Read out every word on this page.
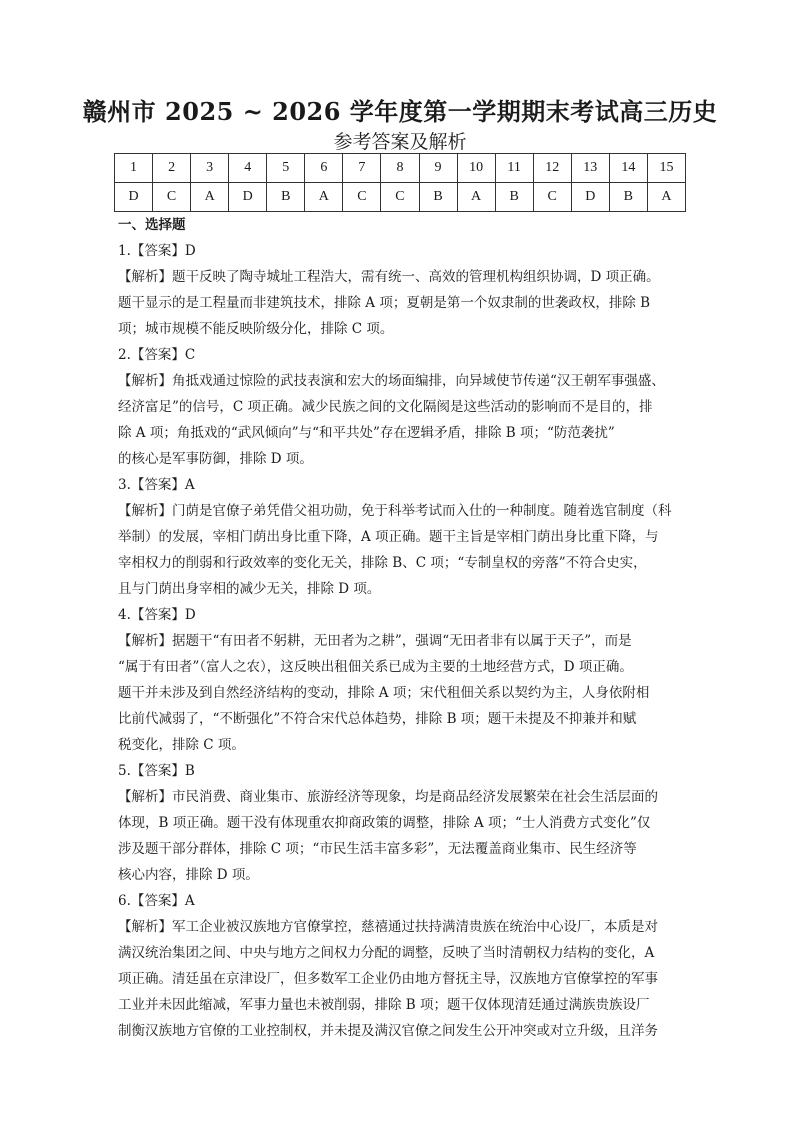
赣州市 2025 ~ 2026 学年度第一学期期末考试高三历史
参考答案及解析
1	2	3	4	5	6	7	8	9	10	11	12	13	14	15
D	C	A	D	B	A	C	C	B	A	B	C	D	B	A
一、选择题
1.【答案】D
【解析】题干反映了陶寺城址工程浩大，需有统一、高效的管理机构组织协调，D 项正确。
题干显示的是工程量而非建筑技术，排除 A 项；夏朝是第一个奴隶制的世袭政权，排除 B
项；城市规模不能反映阶级分化，排除 C 项。
2.【答案】C
【解析】角抵戏通过惊险的武技表演和宏大的场面编排，向异域使节传递“汉王朝军事强盛、
经济富足”的信号，C 项正确。减少民族之间的文化隔阂是这些活动的影响而不是目的，排
除 A 项；角抵戏的“武风倾向”与“和平共处”存在逻辑矛盾，排除 B 项；“防范袭扰”
的核心是军事防御，排除 D 项。
3.【答案】A
【解析】门荫是官僚子弟凭借父祖功勋，免于科举考试而入仕的一种制度。随着选官制度（科
举制）的发展，宰相门荫出身比重下降，A 项正确。题干主旨是宰相门荫出身比重下降，与
宰相权力的削弱和行政效率的变化无关，排除 B、C 项；“专制皇权的旁落”不符合史实，
且与门荫出身宰相的减少无关，排除 D 项。
4.【答案】D
【解析】据题干“有田者不躬耕，无田者为之耕”，强调“无田者非有以属于天子”，而是
“属于有田者”（富人之农），这反映出租佃关系已成为主要的土地经营方式，D 项正确。
题干并未涉及到自然经济结构的变动，排除 A 项；宋代租佃关系以契约为主，人身依附相
比前代减弱了，“不断强化”不符合宋代总体趋势，排除 B 项；题干未提及不抑兼并和赋
税变化，排除 C 项。
5.【答案】B
【解析】市民消费、商业集市、旅游经济等现象，均是商品经济发展繁荣在社会生活层面的
体现，B 项正确。题干没有体现重农抑商政策的调整，排除 A 项；“士人消费方式变化”仅
涉及题干部分群体，排除 C 项；“市民生活丰富多彩”，无法覆盖商业集市、民生经济等
核心内容，排除 D 项。
6.【答案】A
【解析】军工企业被汉族地方官僚掌控，慈禧通过扶持满清贵族在统治中心设厂，本质是对
满汉统治集团之间、中央与地方之间权力分配的调整，反映了当时清朝权力结构的变化，A
项正确。清廷虽在京津设厂，但多数军工企业仍由地方督抚主导，汉族地方官僚掌控的军事
工业并未因此缩减，军事力量也未被削弱，排除 B 项；题干仅体现清廷通过满族贵族设厂
制衡汉族地方官僚的工业控制权，并未提及满汉官僚之间发生公开冲突或对立升级，且洋务
